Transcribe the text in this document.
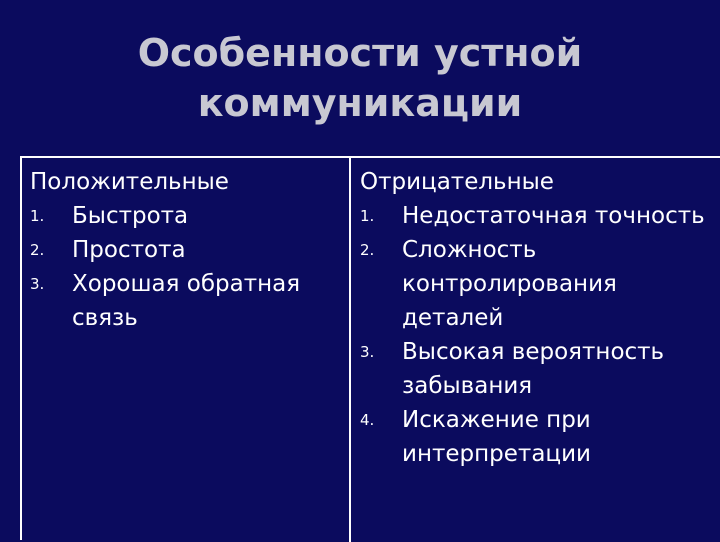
Особенности устной
коммуникации
Положительные
1. Быстрота
2. Простота
3. Хорошая обратная связь
Отрицательные
1. Недостаточная точность
2. Сложность контролирования деталей
3. Высокая вероятность забывания
4. Искажение при интерпретации
